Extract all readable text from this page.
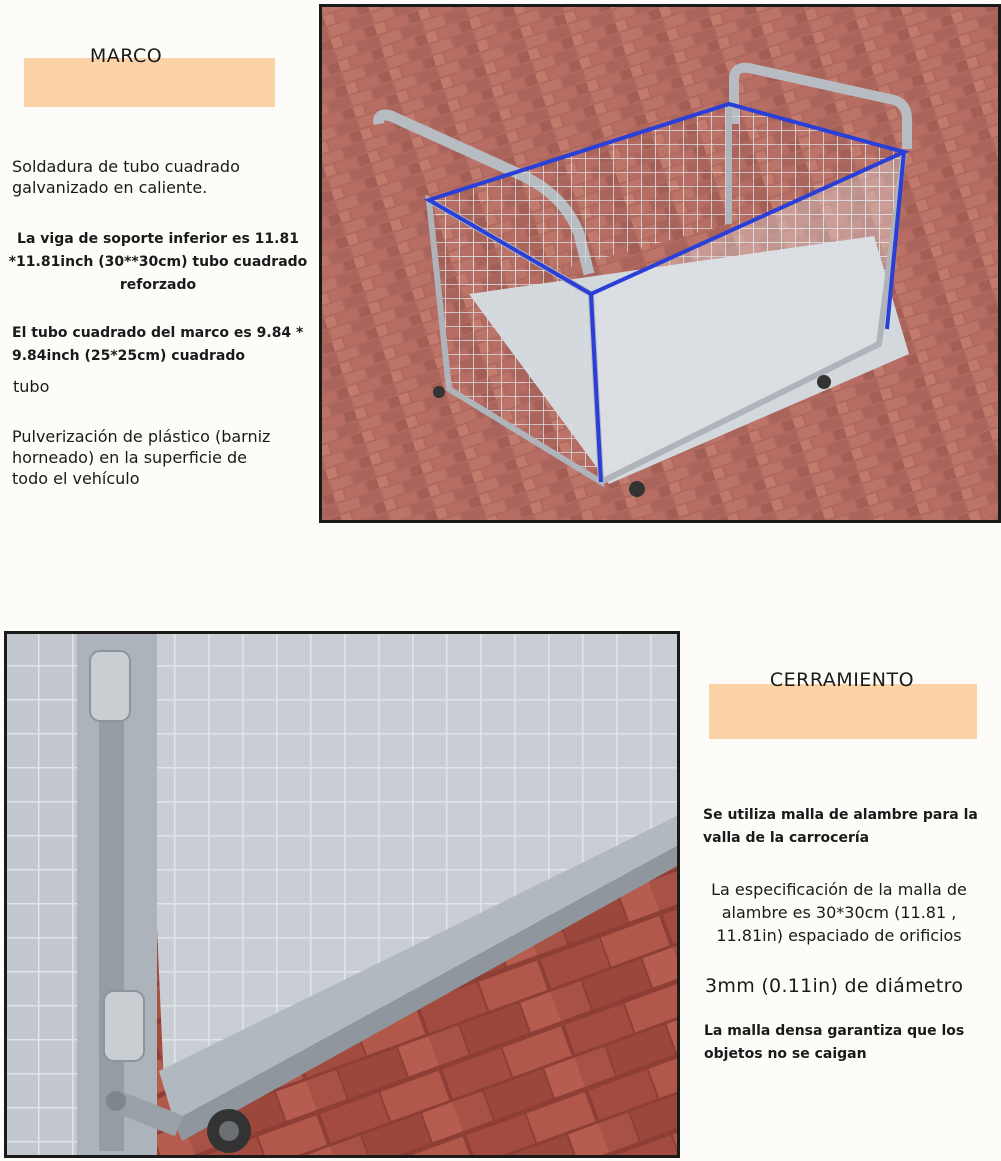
MARCO
Soldadura de tubo cuadrado
galvanizado en caliente.
La viga de soporte inferior es 11.81
*11.81inch (30**30cm) tubo cuadrado
reforzado
El tubo cuadrado del marco es 9.84 *
9.84inch (25*25cm) cuadrado
tubo
Pulverización de plástico (barniz
horneado) en la superficie de
todo el vehículo
CERRAMIENTO
Se utiliza malla de alambre para la
valla de la carrocería
La especificación de la malla de
alambre es 30*30cm (11.81 ,
11.81in) espaciado de orificios
3mm (0.11in) de diámetro
La malla densa garantiza que los
objetos no se caigan
